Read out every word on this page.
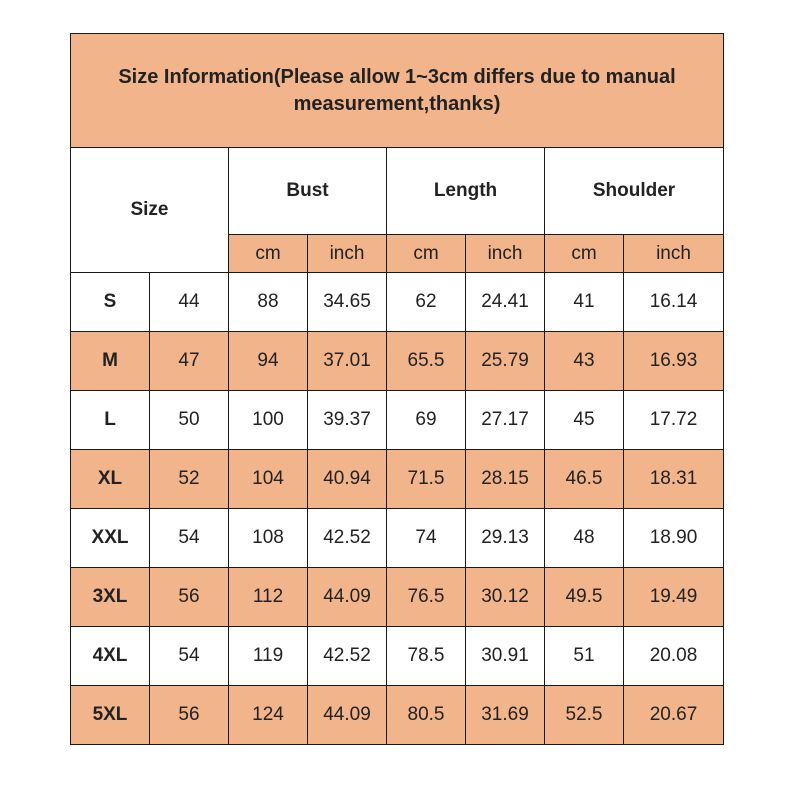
Size Information(Please allow 1~3cm differs due to manual
measurement,thanks)							

Size		Bust		Length		Shoulder	
		cm	inch	cm	inch	cm	inch
S	44	88	34.65	62	24.41	41	16.14
M	47	94	37.01	65.5	25.79	43	16.93
L	50	100	39.37	69	27.17	45	17.72
XL	52	104	40.94	71.5	28.15	46.5	18.31
XXL	54	108	42.52	74	29.13	48	18.90
3XL	56	112	44.09	76.5	30.12	49.5	19.49
4XL	54	119	42.52	78.5	30.91	51	20.08
5XL	56	124	44.09	80.5	31.69	52.5	20.67
